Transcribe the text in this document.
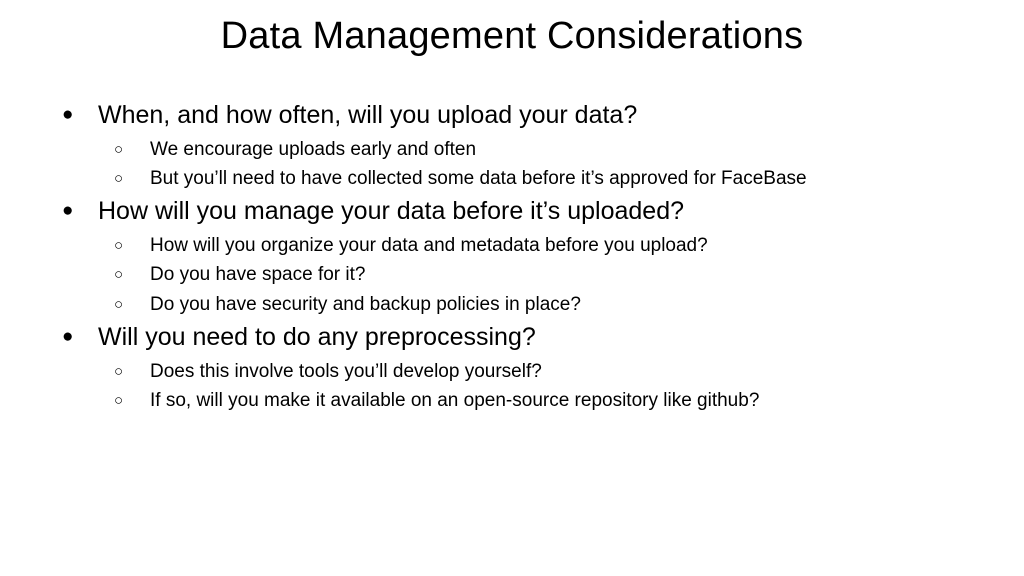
Data Management Considerations
● When, and how often, will you upload your data?
○ We encourage uploads early and often
○ But you’ll need to have collected some data before it’s approved for FaceBase
● How will you manage your data before it’s uploaded?
○ How will you organize your data and metadata before you upload?
○ Do you have space for it?
○ Do you have security and backup policies in place?
● Will you need to do any preprocessing?
○ Does this involve tools you’ll develop yourself?
○ If so, will you make it available on an open-source repository like github?
